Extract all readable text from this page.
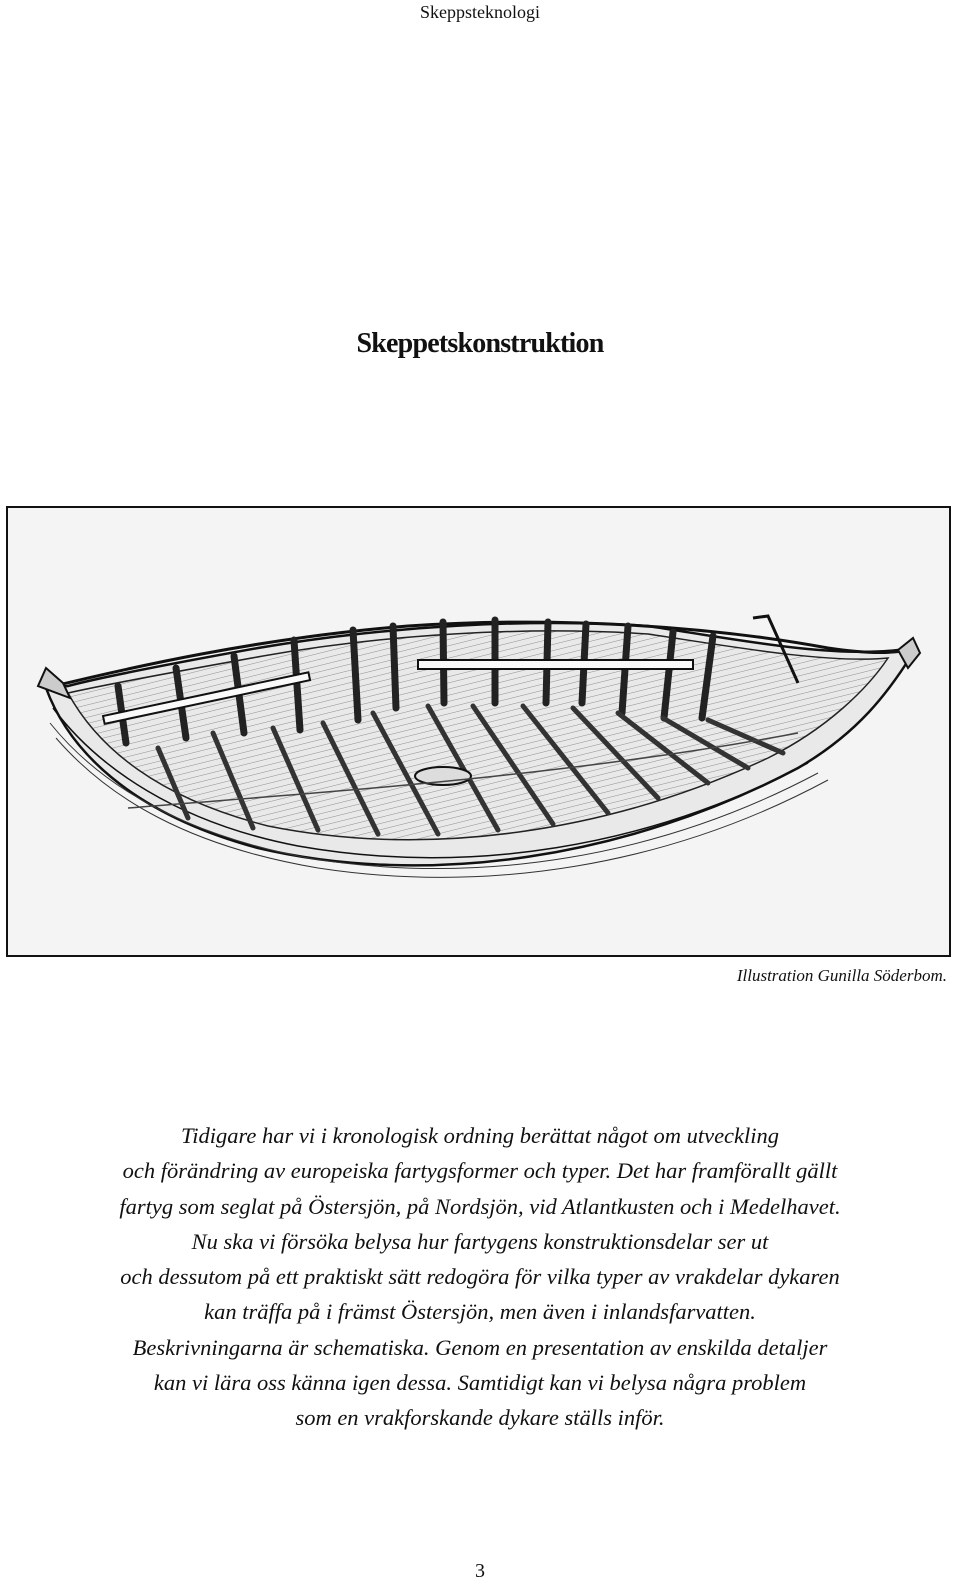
Skeppsteknologi
Skeppetskonstruktion
Illustration Gunilla Söderbom.
Tidigare har vi i kronologisk ordning berättat något om utveckling
och förändring av europeiska fartygsformer och typer. Det har framförallt gällt
fartyg som seglat på Östersjön, på Nordsjön, vid Atlantkusten och i Medelhavet.
Nu ska vi försöka belysa hur fartygens konstruktionsdelar ser ut
och dessutom på ett praktiskt sätt redogöra för vilka typer av vrakdelar dykaren
kan träffa på i främst Östersjön, men även i inlandsfarvatten.
Beskrivningarna är schematiska. Genom en presentation av enskilda detaljer
kan vi lära oss känna igen dessa. Samtidigt kan vi belysa några problem
som en vrakforskande dykare ställs inför.
3
